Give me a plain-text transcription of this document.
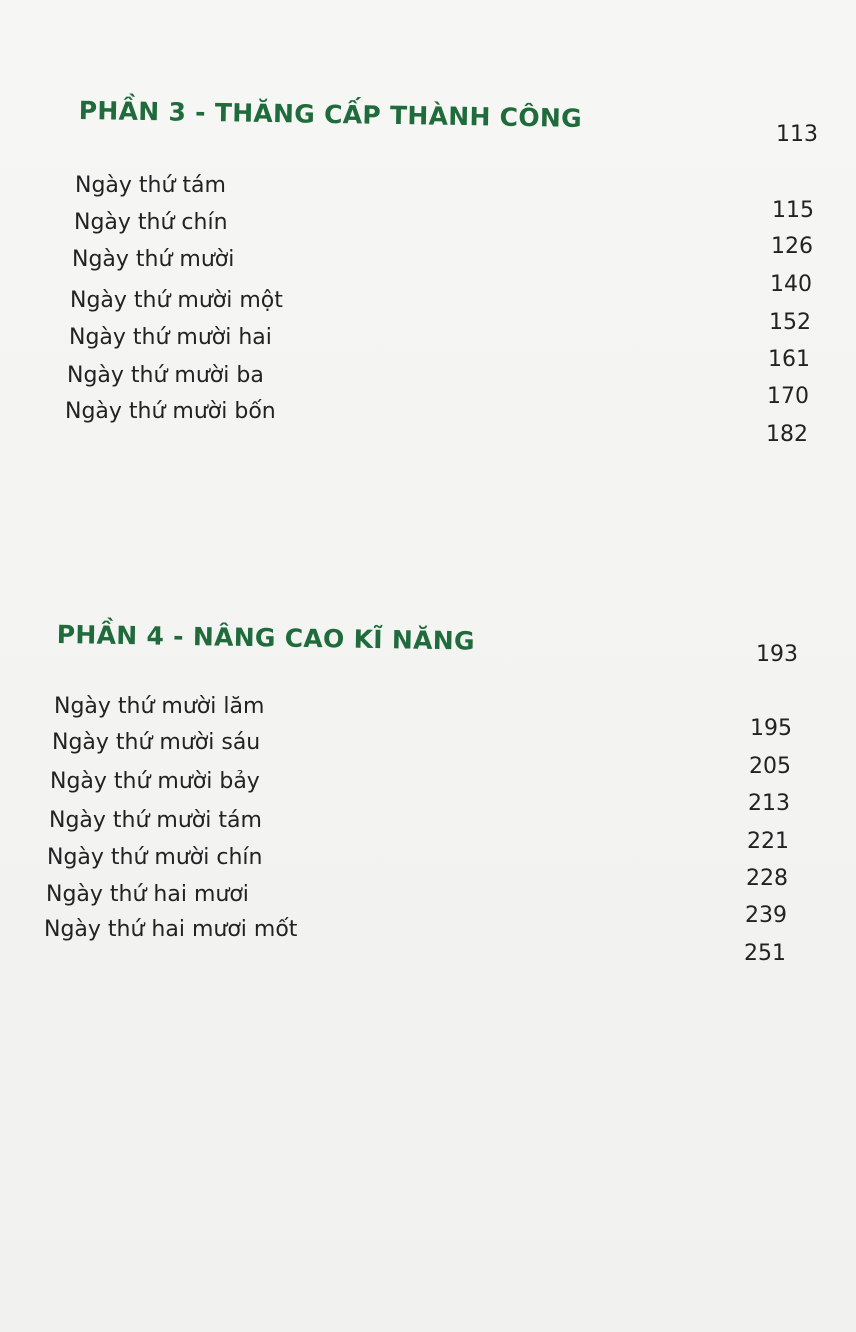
PHẦN 3 - THĂNG CẤP THÀNH CÔNG
113
Ngày thứ tám
Ngày thứ chín
Ngày thứ mười
Ngày thứ mười một
Ngày thứ mười hai
Ngày thứ mười ba
Ngày thứ mười bốn
115
126
140
152
161
170
182
PHẦN 4 - NÂNG CAO KĨ NĂNG	193
Ngày thứ mười lăm
Ngày thứ mười sáu
Ngày thứ mười bảy
Ngày thứ mười tám
Ngày thứ mười chín
Ngày thứ hai mươi
Ngày thứ hai mươi mốt
195
205
213
221
228
239
251
